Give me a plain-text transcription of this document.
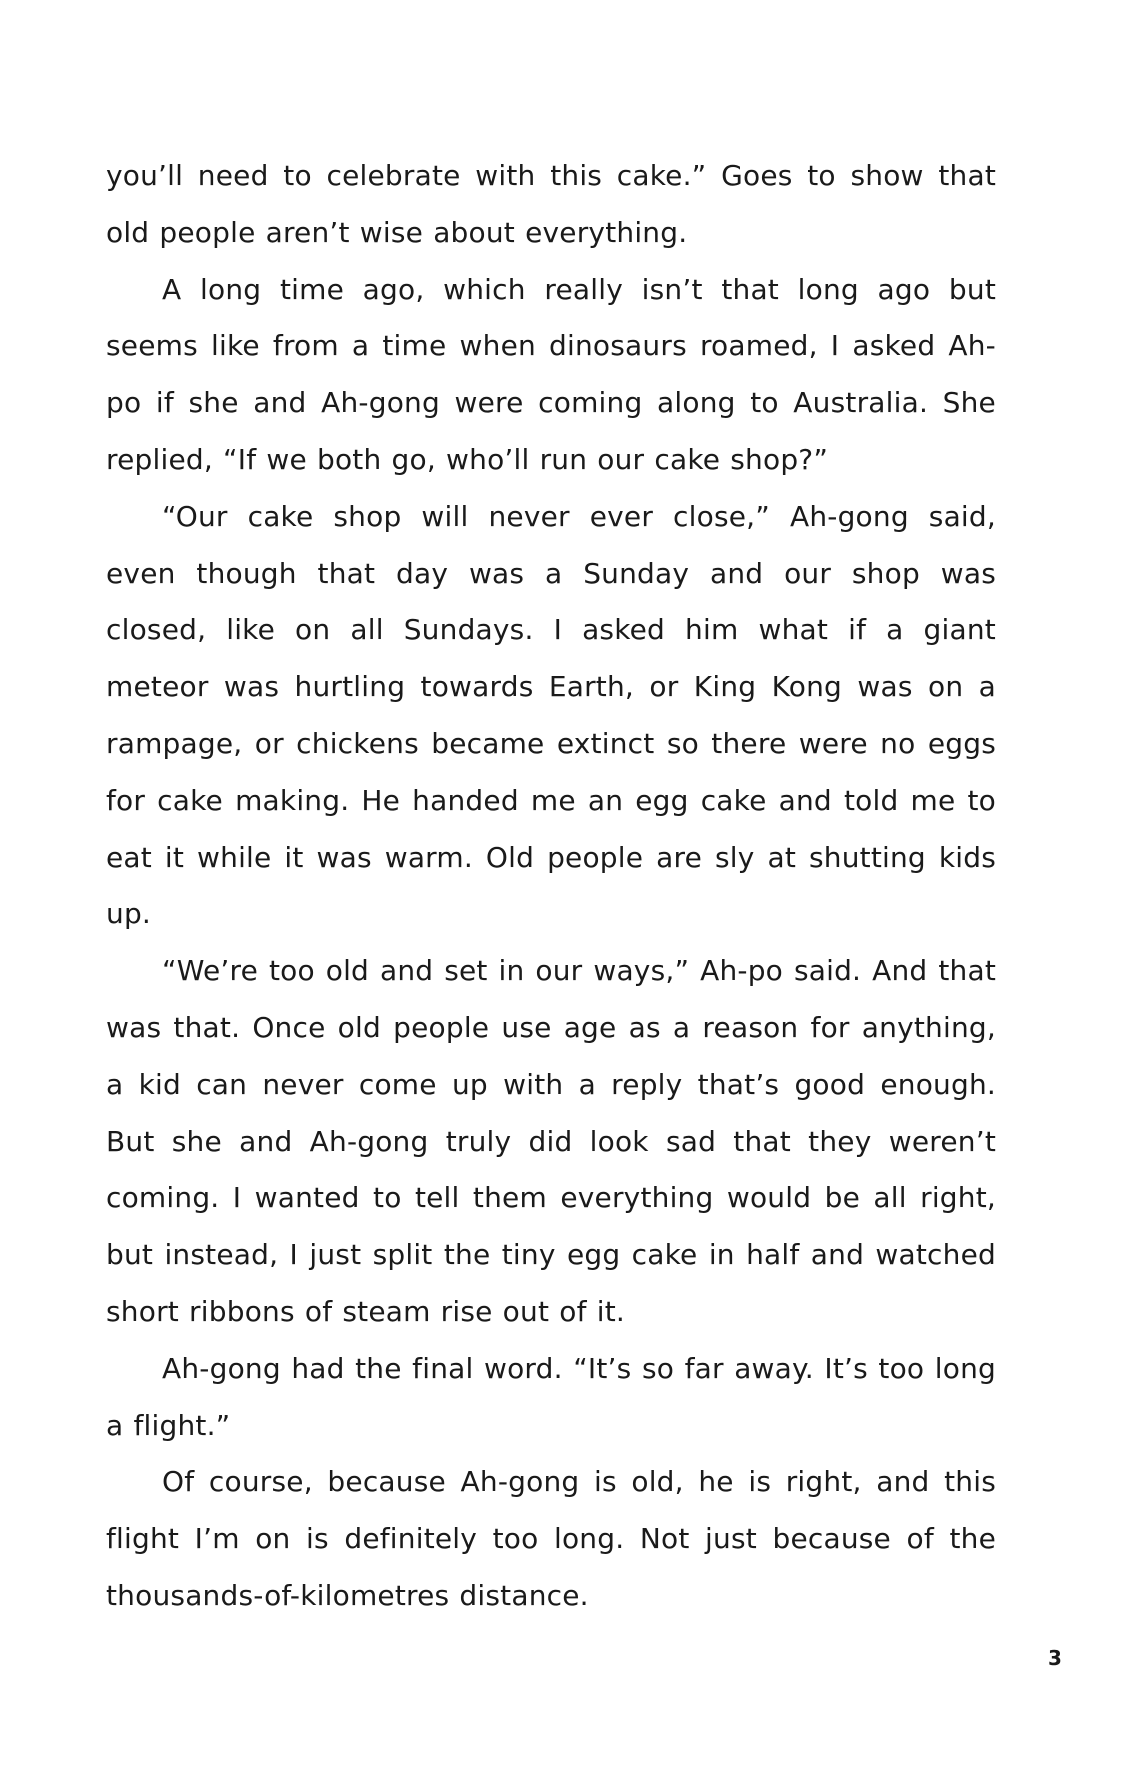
you’ll need to celebrate with this cake.” Goes to show that old people aren’t wise about everything.

A long time ago, which really isn’t that long ago but seems like from a time when dinosaurs roamed, I asked Ah-po if she and Ah-gong were coming along to Australia. She replied, “If we both go, who’ll run our cake shop?”

“Our cake shop will never ever close,” Ah-gong said, even though that day was a Sunday and our shop was closed, like on all Sundays. I asked him what if a giant meteor was hurtling towards Earth, or King Kong was on a rampage, or chickens became extinct so there were no eggs for cake making. He handed me an egg cake and told me to eat it while it was warm. Old people are sly at shutting kids up.

“We’re too old and set in our ways,” Ah-po said. And that was that. Once old people use age as a reason for anything, a kid can never come up with a reply that’s good enough. But she and Ah-gong truly did look sad that they weren’t coming. I wanted to tell them everything would be all right, but instead, I just split the tiny egg cake in half and watched short ribbons of steam rise out of it.

Ah-gong had the final word. “It’s so far away. It’s too long a flight.”

Of course, because Ah-gong is old, he is right, and this flight I’m on is definitely too long. Not just because of the thousands-of-kilometres distance.

3
